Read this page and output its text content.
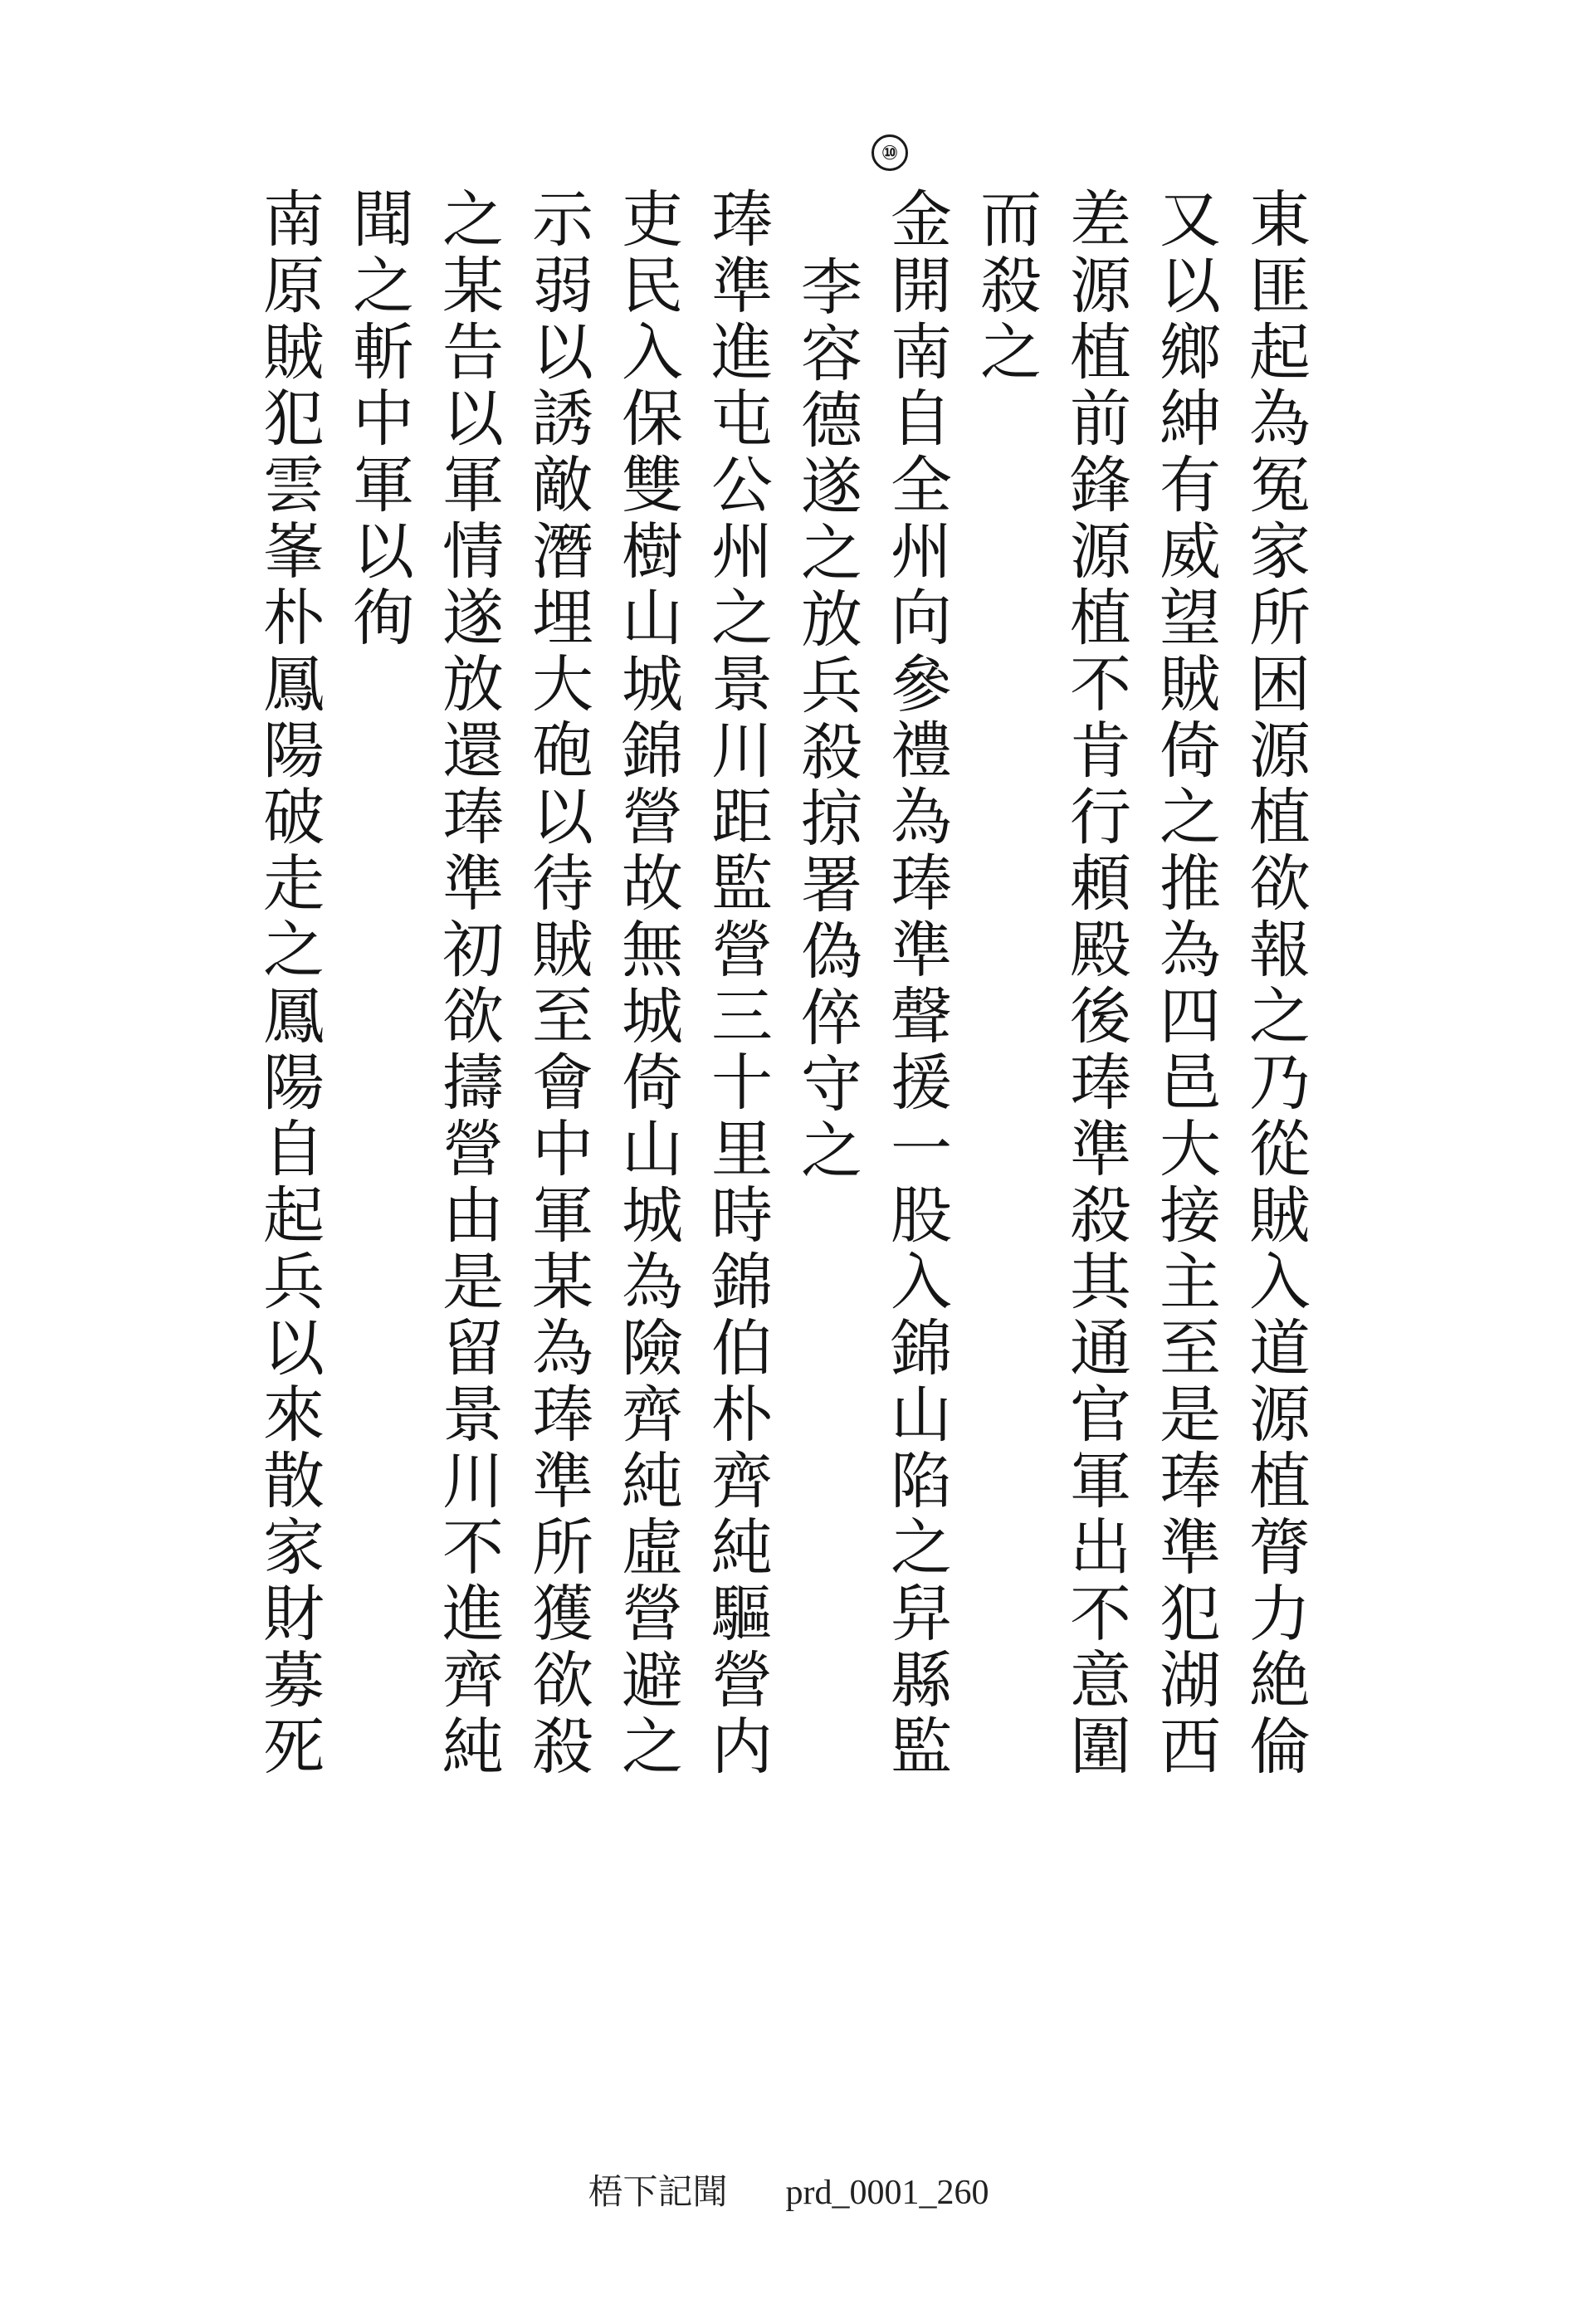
⑩
東匪起為冤家所困源植欲報之乃從賊入道源植膂力絶倫
又以鄉紳有威望賊倚之推為四邑大接主至是琫準犯湖西
差源植前鋒源植不肯行頼殿後琫準殺其通官軍出不意圍
而殺之
金開南自全州向參禮為琫準聲援一股入錦山陷之舁縣監
李容德遂之放兵殺掠署偽倅守之
琫準進屯公州之景川距監營三十里時錦伯朴齊純驅營内
吏民入保雙樹山城錦營故無城倚山城為險齊純虛營避之
示弱以誘敵潛埋大砲以待賊至會中軍某為琫準所獲欲殺
之某告以軍情遂放還琫準初欲擣營由是留景川不進齊純
聞之斬中軍以徇
南原賊犯雲峯朴鳳陽破走之鳳陽自起兵以來散家財募死
梧下記聞 prd_0001_260
